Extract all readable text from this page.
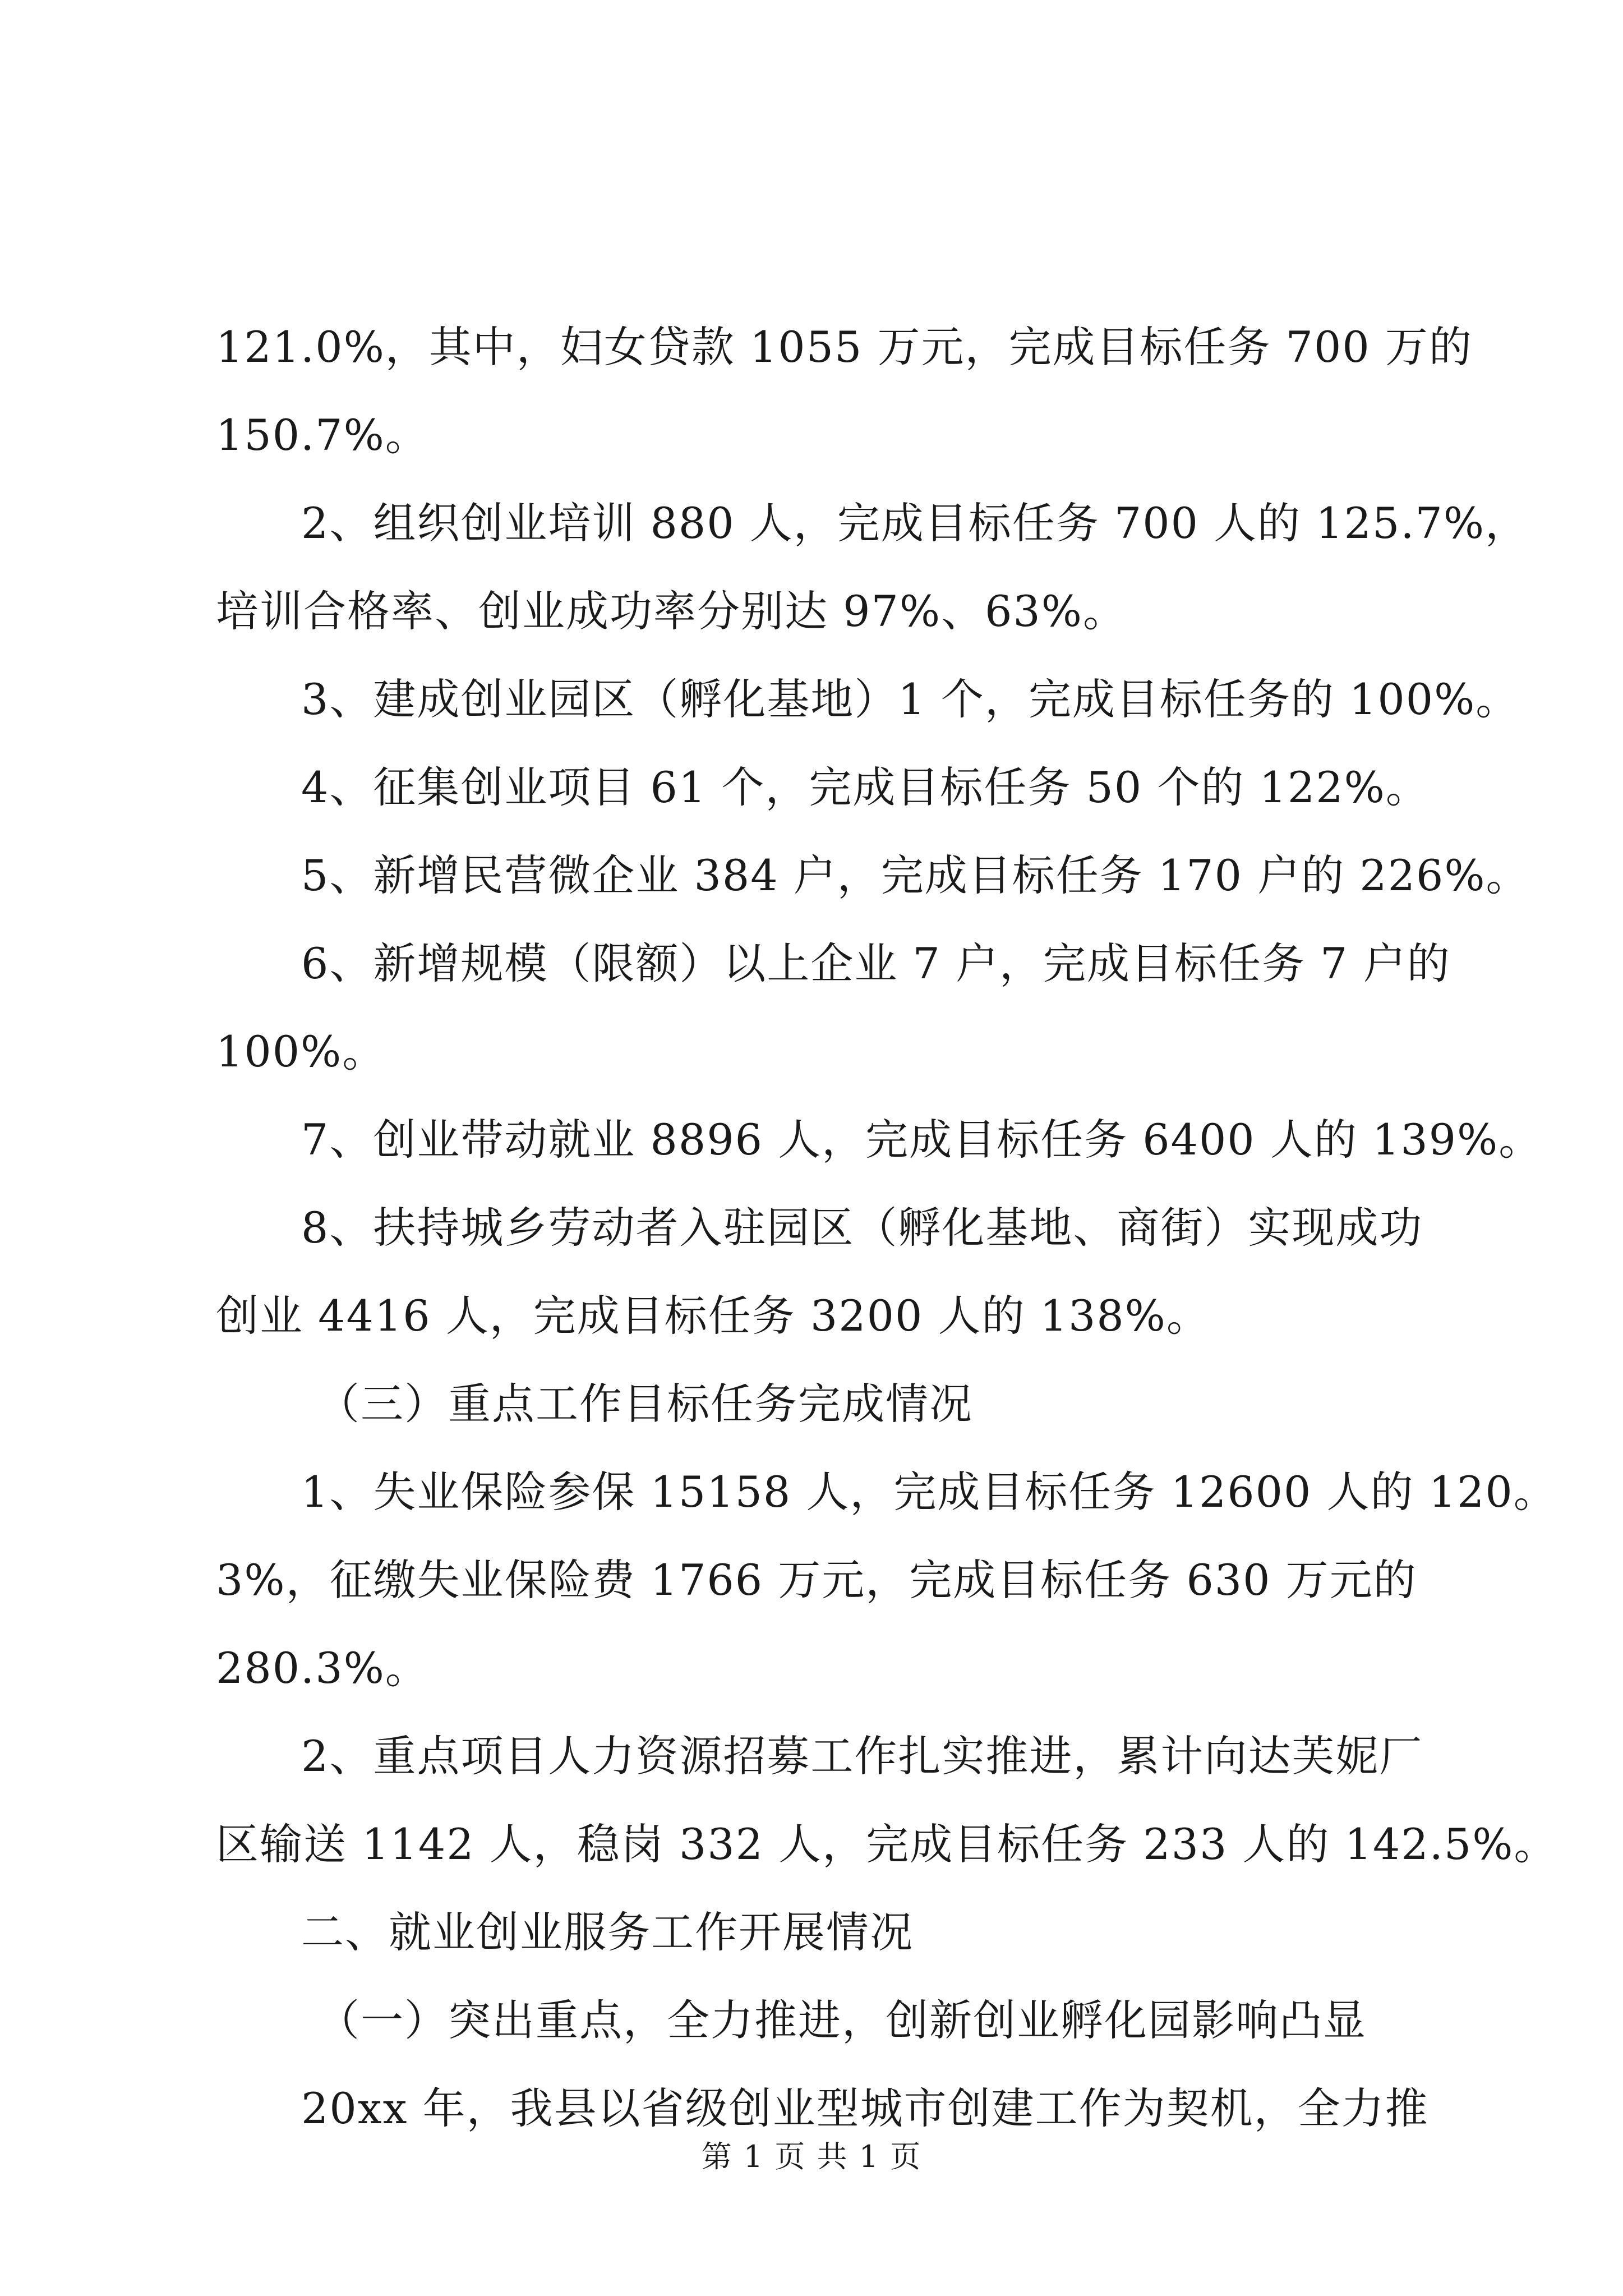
121.0%，其中，妇女贷款 1055 万元，完成目标任务 700 万的
150.7%。
2、组织创业培训 880 人，完成目标任务 700 人的 125.7%，
培训合格率、创业成功率分别达 97%、63%。
3、建成创业园区（孵化基地）1 个，完成目标任务的 100%。
4、征集创业项目 61 个，完成目标任务 50 个的 122%。
5、新增民营微企业 384 户，完成目标任务 170 户的 226%。
6、新增规模（限额）以上企业 7 户，完成目标任务 7 户的
100%。
7、创业带动就业 8896 人，完成目标任务 6400 人的 139%。
8、扶持城乡劳动者入驻园区（孵化基地、商街）实现成功
创业 4416 人，完成目标任务 3200 人的 138%。
（三）重点工作目标任务完成情况
1、失业保险参保 15158 人，完成目标任务 12600 人的 120。
3%，征缴失业保险费 1766 万元，完成目标任务 630 万元的
280.3%。
2、重点项目人力资源招募工作扎实推进，累计向达芙妮厂
区输送 1142 人，稳岗 332 人，完成目标任务 233 人的 142.5%。
二、就业创业服务工作开展情况
（一）突出重点，全力推进，创新创业孵化园影响凸显
20xx 年，我县以省级创业型城市创建工作为契机，全力推
第 1 页 共 1 页
